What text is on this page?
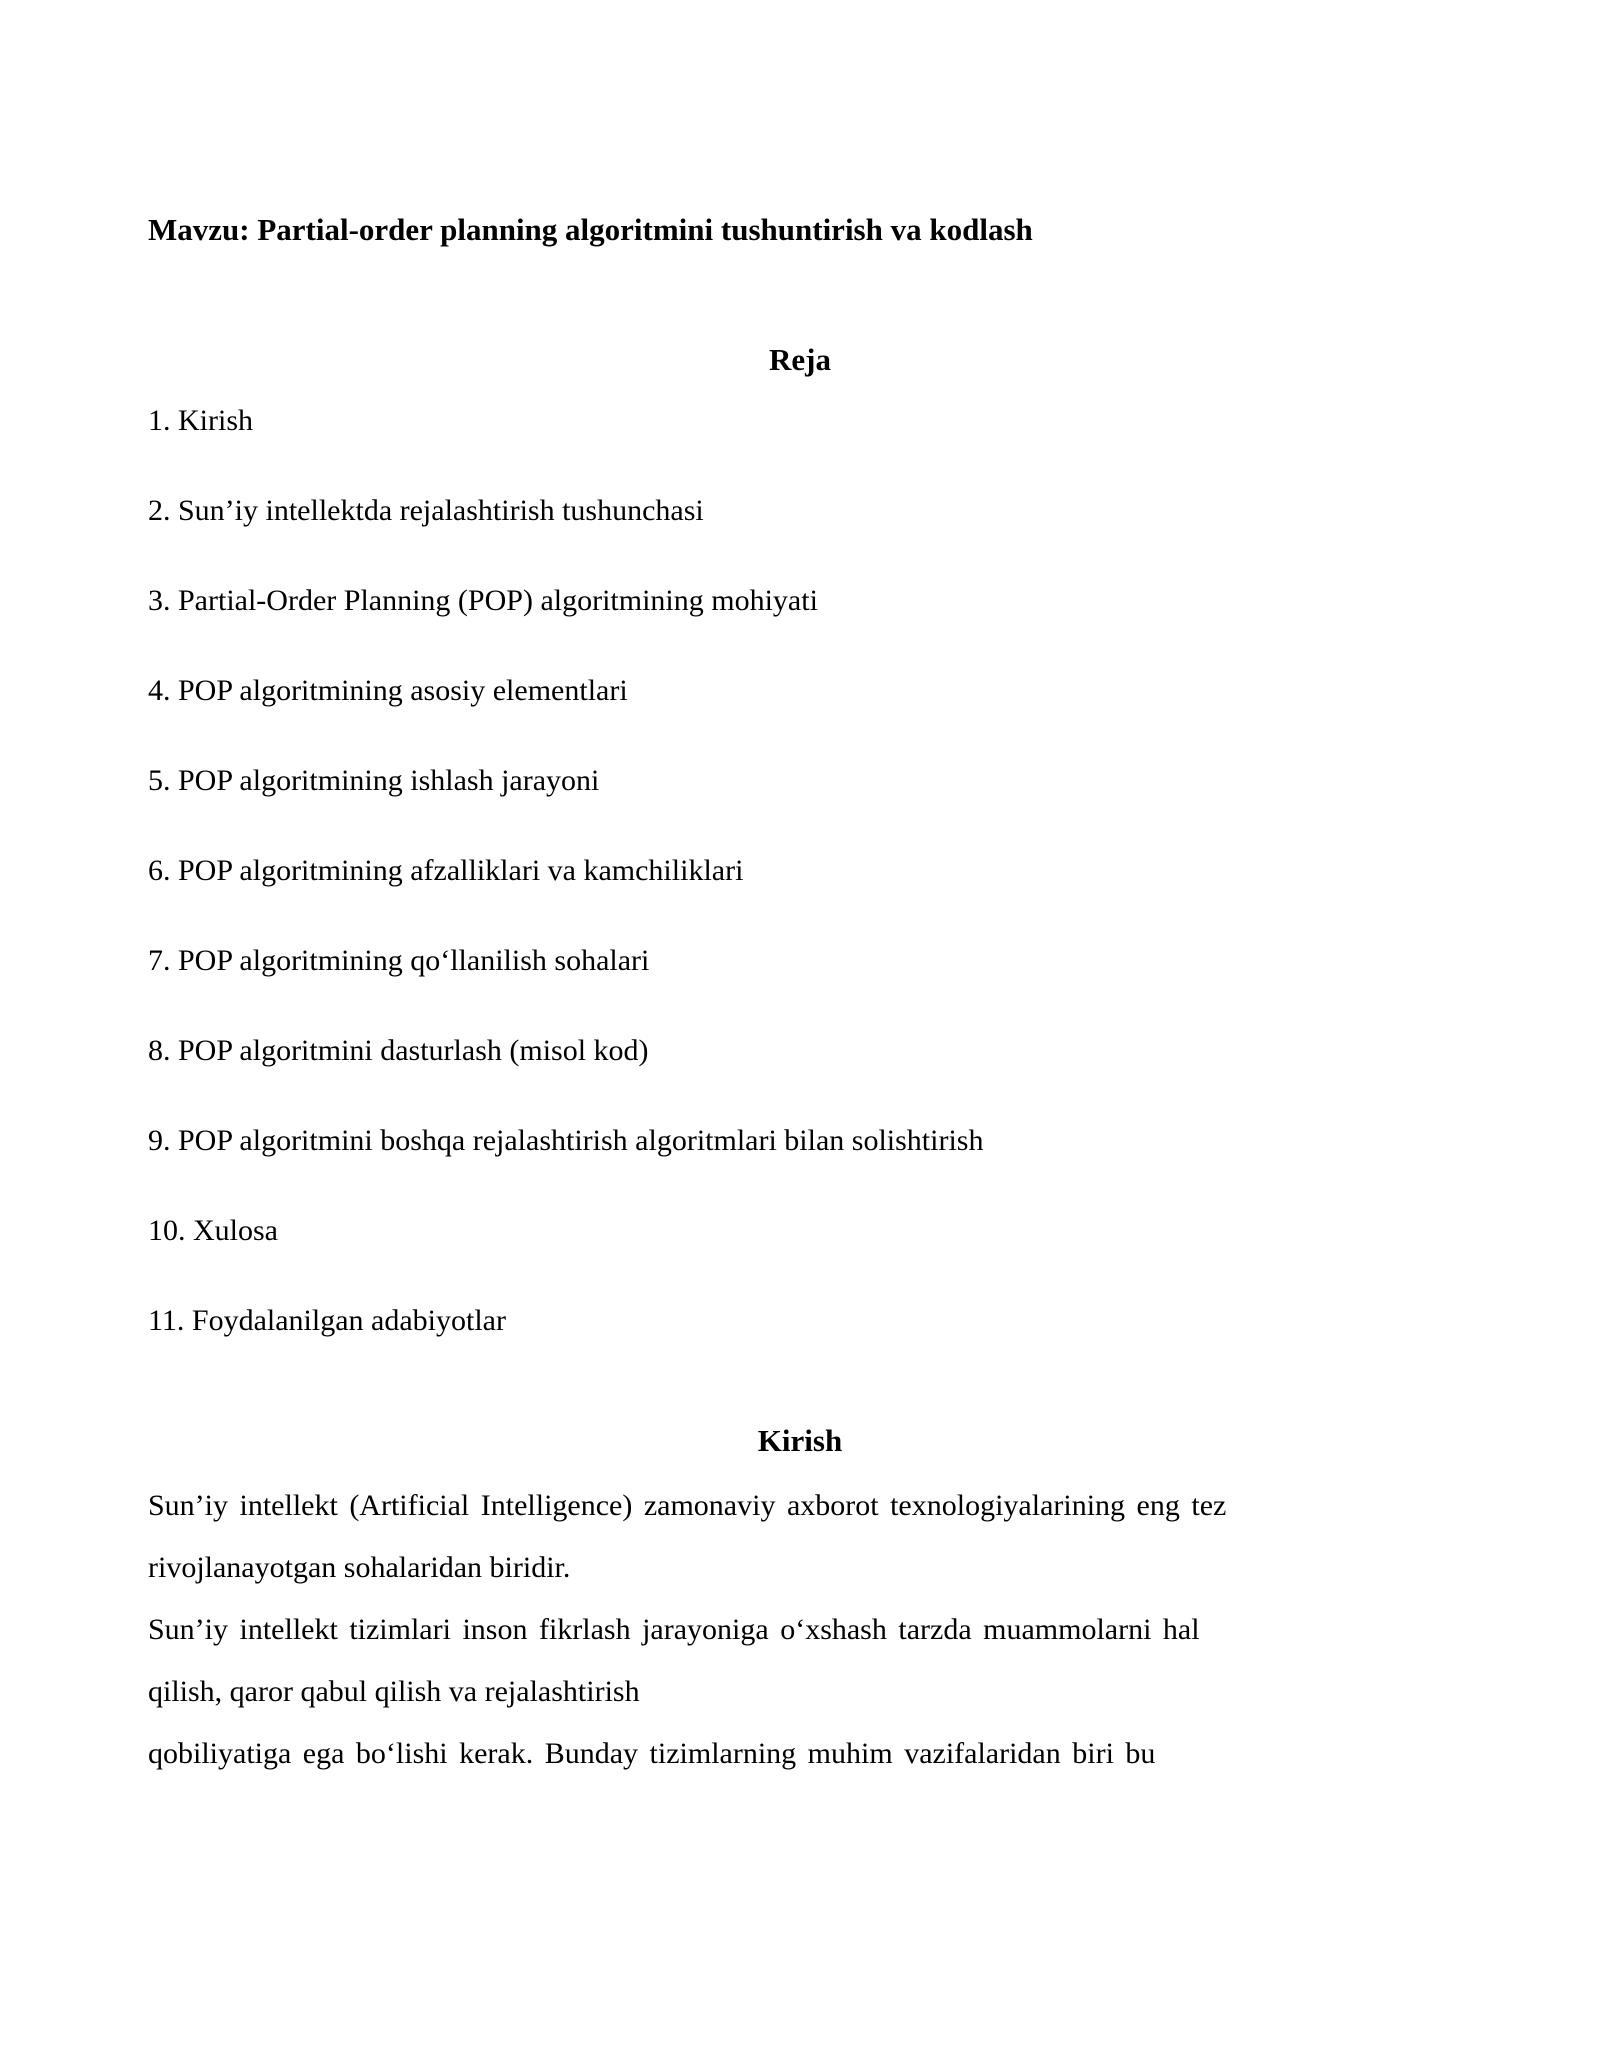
Mavzu: Partial-order planning algoritmini tushuntirish va kodlash
Reja
1. Kirish
2. Sun’iy intellektda rejalashtirish tushunchasi
3. Partial-Order Planning (POP) algoritmining mohiyati
4. POP algoritmining asosiy elementlari
5. POP algoritmining ishlash jarayoni
6. POP algoritmining afzalliklari va kamchiliklari
7. POP algoritmining qo‘llanilish sohalari
8. POP algoritmini dasturlash (misol kod)
9. POP algoritmini boshqa rejalashtirish algoritmlari bilan solishtirish
10. Xulosa
11. Foydalanilgan adabiyotlar
Kirish
Sun’iy intellekt (Artificial Intelligence) zamonaviy axborot texnologiyalarining eng tez
rivojlanayotgan sohalaridan biridir.
Sun’iy intellekt tizimlari inson fikrlash jarayoniga o‘xshash tarzda muammolarni hal
qilish, qaror qabul qilish va rejalashtirish
qobiliyatiga ega bo‘lishi kerak. Bunday tizimlarning muhim vazifalaridan biri bu
